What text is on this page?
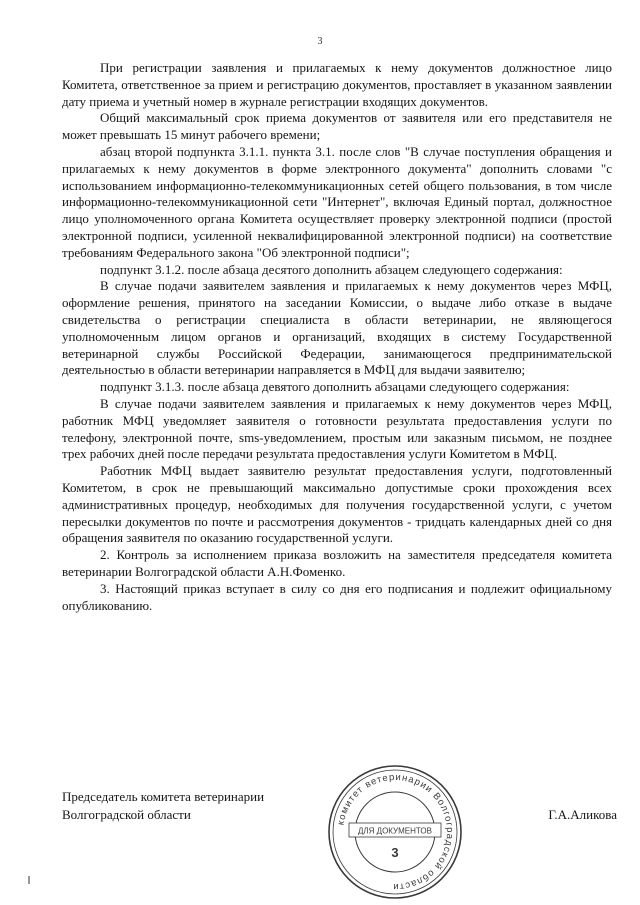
3

При регистрации заявления и прилагаемых к нему документов должностное лицо Комитета, ответственное за прием и регистрацию документов, проставляет в указанном заявлении дату приема и учетный номер в журнале регистрации входящих документов.

Общий максимальный срок приема документов от заявителя или его представителя не может превышать 15 минут рабочего времени;

абзац второй подпункта 3.1.1. пункта 3.1. после слов "В случае поступления обращения и прилагаемых к нему документов в форме электронного документа" дополнить словами "с использованием информационно-телекоммуникационных сетей общего пользования, в том числе информационно-телекоммуникационной сети "Интернет", включая Единый портал, должностное лицо уполномоченного органа Комитета осуществляет проверку электронной подписи (простой электронной подписи, усиленной неквалифицированной электронной подписи) на соответствие требованиям Федерального закона "Об электронной подписи";

подпункт 3.1.2. после абзаца десятого дополнить абзацем следующего содержания:

В случае подачи заявителем заявления и прилагаемых к нему документов через МФЦ, оформление решения, принятого на заседании Комиссии, о выдаче либо отказе в выдаче свидетельства о регистрации специалиста в области ветеринарии, не являющегося уполномоченным лицом органов и организаций, входящих в систему Государственной ветеринарной службы Российской Федерации, занимающегося предпринимательской деятельностью в области ветеринарии направляется в МФЦ для выдачи заявителю;

подпункт 3.1.3. после абзаца девятого дополнить абзацами следующего содержания:

В случае подачи заявителем заявления и прилагаемых к нему документов через МФЦ, работник МФЦ уведомляет заявителя о готовности результата предоставления услуги по телефону, электронной почте, sms-уведомлением, простым или заказным письмом, не позднее трех рабочих дней после передачи результата предоставления услуги Комитетом в МФЦ.

Работник МФЦ выдает заявителю результат предоставления услуги, подготовленный Комитетом, в срок не превышающий максимально допустимые сроки прохождения всех административных процедур, необходимых для получения государственной услуги, с учетом пересылки документов по почте и рассмотрения документов - тридцать календарных дней со дня обращения заявителя по оказанию государственной услуги.

2. Контроль за исполнением приказа возложить на заместителя председателя комитета ветеринарии Волгоградской области А.Н.Фоменко.

3. Настоящий приказ вступает в силу со дня его подписания и подлежит официальному опубликованию.

комитет ветеринарии Волгоградской области
ДЛЯ ДОКУМЕНТОВ
3
Председатель комитета ветеринарии
Волгоградской области	Г.А.Аликова
